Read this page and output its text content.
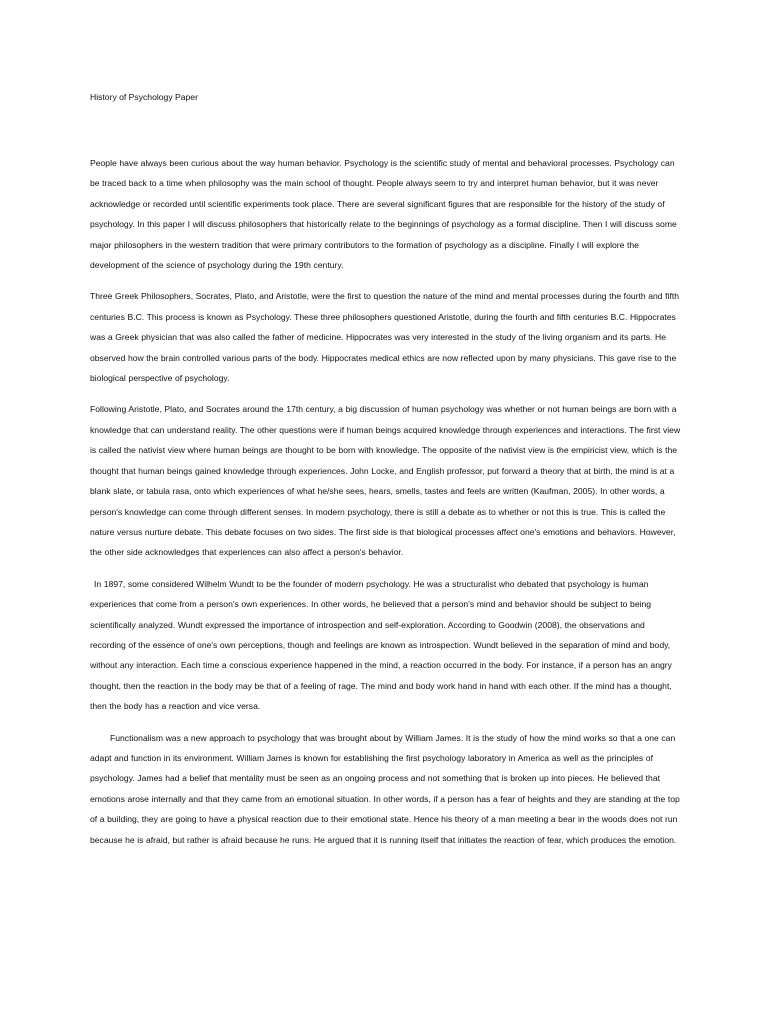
History of Psychology Paper

People have always been curious about the way human behavior. Psychology is the scientific study of mental and behavioral processes. Psychology can be traced back to a time when philosophy was the main school of thought. People always seem to try and interpret human behavior, but it was never acknowledge or recorded until scientific experiments took place. There are several significant figures that are responsible for the history of the study of psychology. In this paper I will discuss philosophers that historically relate to the beginnings of psychology as a formal discipline. Then I will discuss some major philosophers in the western tradition that were primary contributors to the formation of psychology as a discipline. Finally I will explore the development of the science of psychology during the 19th century.

Three Greek Philosophers, Socrates, Plato, and Aristotle, were the first to question the nature of the mind and mental processes during the fourth and fifth centuries B.C. This process is known as Psychology. These three philosophers questioned Aristotle, during the fourth and fifth centuries B.C. Hippocrates was a Greek physician that was also called the father of medicine. Hippocrates was very interested in the study of the living organism and its parts. He observed how the brain controlled various parts of the body. Hippocrates medical ethics are now reflected upon by many physicians. This gave rise to the biological perspective of psychology.

Following Aristotle, Plato, and Socrates around the 17th century, a big discussion of human psychology was whether or not human beings are born with a knowledge that can understand reality. The other questions were if human beings acquired knowledge through experiences and interactions. The first view is called the nativist view where human beings are thought to be born with knowledge. The opposite of the nativist view is the empiricist view, which is the thought that human beings gained knowledge through experiences. John Locke, and English professor, put forward a theory that at birth, the mind is at a blank slate, or tabula rasa, onto which experiences of what he/she sees, hears, smells, tastes and feels are written (Kaufman, 2005). In other words, a person's knowledge can come through different senses. In modern psychology, there is still a debate as to whether or not this is true. This is called the nature versus nurture debate. This debate focuses on two sides. The first side is that biological processes affect one's emotions and behaviors. However, the other side acknowledges that experiences can also affect a person's behavior.

In 1897, some considered Wilhelm Wundt to be the founder of modern psychology. He was a structuralist who debated that psychology is human experiences that come from a person's own experiences. In other words, he believed that a person's mind and behavior should be subject to being scientifically analyzed. Wundt expressed the importance of introspection and self-exploration. According to Goodwin (2008), the observations and recording of the essence of one's own perceptions, though and feelings are known as introspection. Wundt believed in the separation of mind and body, without any interaction. Each time a conscious experience happened in the mind, a reaction occurred in the body. For instance, if a person has an angry thought, then the reaction in the body may be that of a feeling of rage. The mind and body work hand in hand with each other. If the mind has a thought, then the body has a reaction and vice versa.

Functionalism was a new approach to psychology that was brought about by William James. It is the study of how the mind works so that a one can adapt and function in its environment. William James is known for establishing the first psychology laboratory in America as well as the principles of psychology. James had a belief that mentality must be seen as an ongoing process and not something that is broken up into pieces. He believed that emotions arose internally and that they came from an emotional situation. In other words, if a person has a fear of heights and they are standing at the top of a building, they are going to have a physical reaction due to their emotional state. Hence his theory of a man meeting a bear in the woods does not run because he is afraid, but rather is afraid because he runs. He argued that it is running itself that initiates the reaction of fear, which produces the emotion.
